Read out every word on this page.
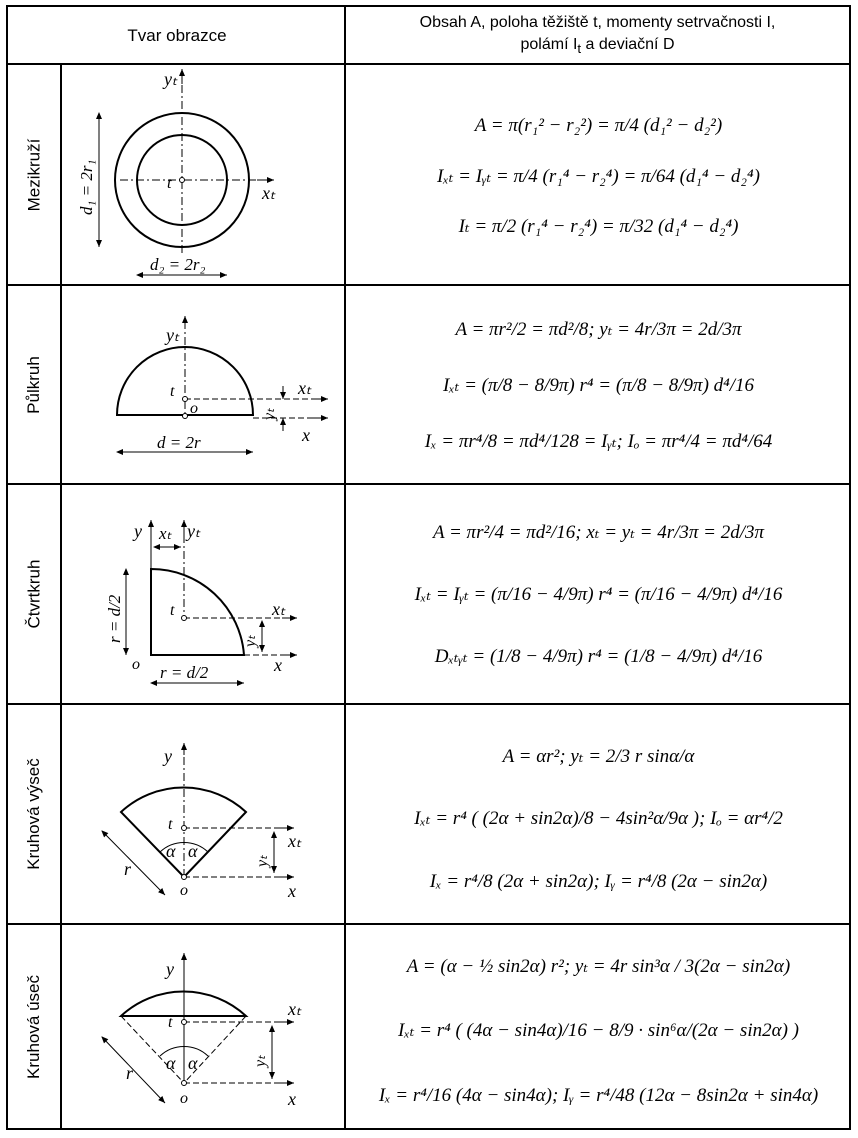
Tvar obrazce
Obsah A, poloha těžiště t, momenty setrvačnosti I,
polámí $I_t$ a deviační D
Mezikruží
Půlkruh
Čtvrtkruh
Kruhová výseč
Kruhová úseč
t	xₜ
yₜ
d₁ = 2r₁
d₂ = 2r₂
t
o
yₜ
xₜ
x
yₜ
d = 2r
t
o
y	yₜ
xₜ
xₜ
x
yₜ
r = d/2
r = d/2
t
o
y
α α
r
xₜ
x
yₜ
t
o
y
α α
r
xₜ
x
yₜ
A = π(r₁² − r₂²) = π/4 (d₁² − d₂²)
Iₓₜ = Iᵧₜ = π/4 (r₁⁴ − r₂⁴) = π/64 (d₁⁴ − d₂⁴)
Iₜ = π/2 (r₁⁴ − r₂⁴) = π/32 (d₁⁴ − d₂⁴)
A = πr²/2 = πd²/8; yₜ = 4r/3π = 2d/3π
Iₓₜ = (π/8 − 8/9π) r⁴ = (π/8 − 8/9π) d⁴/16
Iₓ = πr⁴/8 = πd⁴/128 = Iᵧₜ; Iₒ = πr⁴/4 = πd⁴/64
A = πr²/4 = πd²/16; xₜ = yₜ = 4r/3π = 2d/3π
Iₓₜ = Iᵧₜ = (π/16 − 4/9π) r⁴ = (π/16 − 4/9π) d⁴/16
Dₓₜᵧₜ = (1/8 − 4/9π) r⁴ = (1/8 − 4/9π) d⁴/16
A = αr²; yₜ = 2/3 r sinα/α
Iₓₜ = r⁴ ( (2α + sin2α)/8 − 4sin²α/9α ); Iₒ = αr⁴/2
Iₓ = r⁴/8 (2α + sin2α); Iᵧ = r⁴/8 (2α − sin2α)
A = (α − ½ sin2α) r²; yₜ = 4r sin³α / 3(2α − sin2α)
Iₓₜ = r⁴ ( (4α − sin4α)/16 − 8/9 · sin⁶α/(2α − sin2α) )
Iₓ = r⁴/16 (4α − sin4α); Iᵧ = r⁴/48 (12α − 8sin2α + sin4α)
